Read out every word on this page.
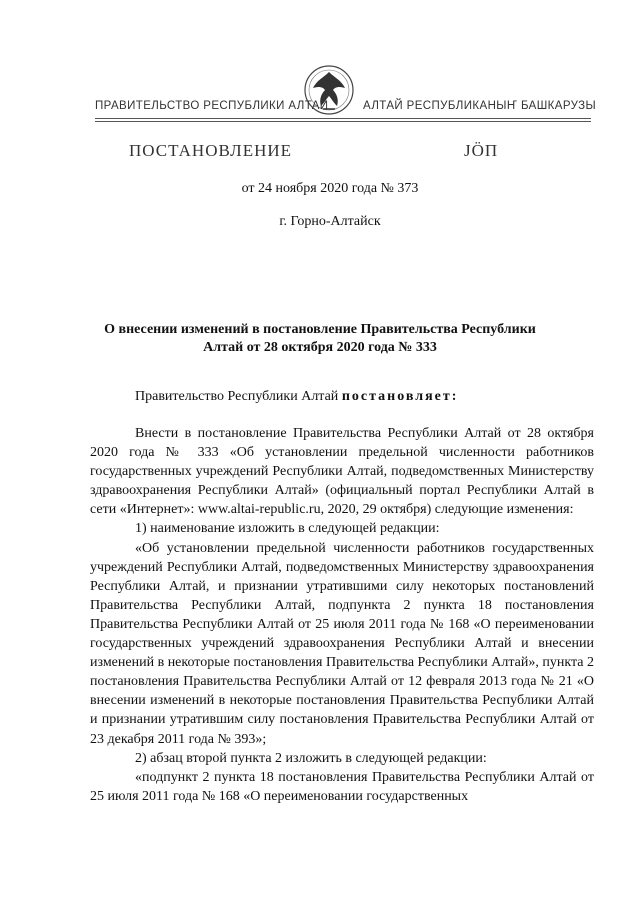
ПРАВИТЕЛЬСТВО РЕСПУБЛИКИ АЛТАЙ	АЛТАЙ РЕСПУБЛИКАНЫҤ БАШКАРУЗЫ
ПОСТАНОВЛЕНИЕ	ЈӦП
от 24 ноября 2020 года № 373
г. Горно-Алтайск
О внесении изменений в постановление Правительства Республики Алтай от 28 октября 2020 года № 333
Правительство Республики Алтай постановляет:

Внести в постановление Правительства Республики Алтай от 28 октября 2020 года № 333 «Об установлении предельной численности работников государственных учреждений Республики Алтай, подведомственных Министерству здравоохранения Республики Алтай» (официальный портал Республики Алтай в сети «Интернет»: www.altai-republic.ru, 2020, 29 октября) следующие изменения:

1) наименование изложить в следующей редакции:

«Об установлении предельной численности работников государственных учреждений Республики Алтай, подведомственных Министерству здравоохранения Республики Алтай, и признании утратившими силу некоторых постановлений Правительства Республики Алтай, подпункта 2 пункта 18 постановления Правительства Республики Алтай от 25 июля 2011 года № 168 «О переименовании государственных учреждений здравоохранения Республики Алтай и внесении изменений в некоторые постановления Правительства Республики Алтай», пункта 2 постановления Правительства Республики Алтай от 12 февраля 2013 года № 21 «О внесении изменений в некоторые постановления Правительства Республики Алтай и признании утратившим силу постановления Правительства Республики Алтай от 23 декабря 2011 года № 393»;

2) абзац второй пункта 2 изложить в следующей редакции:

«подпункт 2 пункта 18 постановления Правительства Республики Алтай от 25 июля 2011 года № 168 «О переименовании государственных
